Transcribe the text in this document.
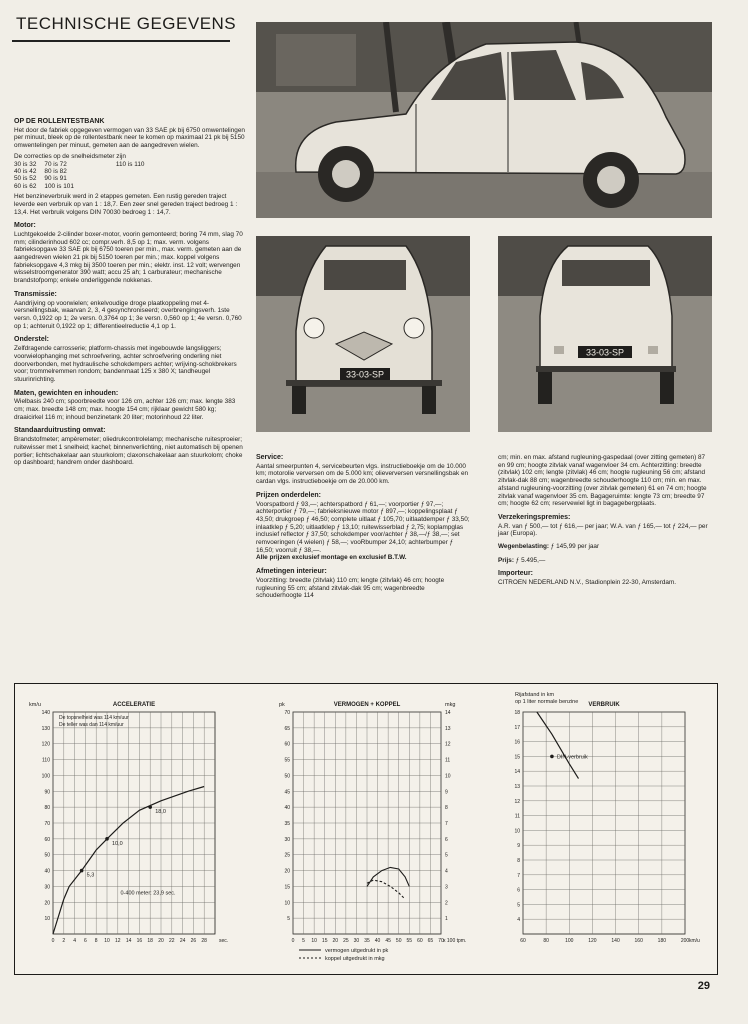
TECHNISCHE GEGEVENS
33-03-SP
33-03-SP
OP DE ROLLENTESTBANK

Het door de fabriek opgegeven vermogen van 33 SAE pk bij 6750 omwentelingen per minuut, bleek op de rollentestbank neer te komen op maximaal 21 pk bij 5150 omwentelingen per minuut, gemeten aan de aangedreven wielen.

De correcties op de snelheidsmeter zijn

30 is 32	70 is 72	110 is 110
40 is 42	80 is 82	
50 is 52	90 is 91	
60 is 62	100 is 101	

Het benzineverbruik werd in 2 etappes gemeten. Een rustig gereden traject leverde een verbruik op van 1 : 18,7. Een zeer snel gereden traject bedroeg 1 : 13,4. Het verbruik volgens DIN 70030 bedroeg 1 : 14,7.

Motor:

Luchtgekoelde 2-cilinder boxer-motor, voorin gemonteerd; boring 74 mm, slag 70 mm; cilinderinhoud 602 cc; compr.verh. 8,5 op 1; max. verm. volgens fabrieksopgave 33 SAE pk bij 6750 toeren per min., max. verm. gemeten aan de aangedreven wielen 21 pk bij 5150 toeren per min.; max. koppel volgens fabrieksopgave 4,3 mkg bij 3500 toeren per min.; elektr. inst. 12 volt; wervengen wisselstroomgenerator 390 watt; accu 25 ah; 1 carburateur; mechanische brandstofpomp; enkele onderliggende nokkenas.

Transmissie:

Aandrijving op voorwielen; enkelvoudige droge plaatkoppeling met 4-versnellingsbak, waarvan 2, 3, 4 gesynchroniseerd; overbrengingsverh. 1ste versn. 0,1922 op 1; 2e versn. 0,3764 op 1; 3e versn. 0,560 op 1; 4e versn. 0,760 op 1; achteruit 0,1922 op 1; differentieelreductie 4,1 op 1.

Onderstel:

Zelfdragende carrosserie; platform-chassis met ingebouwde langsliggers; voorwielophanging met schroefvering, achter schroefvering onderling niet doorverbonden, met hydraulische schokdempers achter; wrijving-schokbrekers voor; trommelremmen rondom; bandenmaat 125 x 380 X; tandheugel stuurinrichting.

Maten, gewichten en inhouden:

Wielbasis 240 cm; spoorbreedte voor 126 cm, achter 126 cm; max. lengte 383 cm; max. breedte 148 cm; max. hoogte 154 cm; rijklaar gewicht 580 kg; draaicirkel 116 m; inhoud benzinetank 20 liter; motorinhoud 22 liter.

Standaarduitrusting omvat:

Brandstofmeter; ampèremeter; oliedrukcontrolelamp; mechanische ruitesproeier; ruitewisser met 1 snelheid; kachel; binnenverlichting, niet automatisch bij openen portier; lichtschakelaar aan stuurkolom; claxonschakelaar aan stuurkolom; choke op dashboard; handrem onder dashboard.

Service:

Aantal smeerpunten 4, servicebeurten vlgs. instructieboekje om de 10.000 km; motorolie verversen om de 5.000 km; olieverversen versnellingsbak en cardan vlgs. instructieboekje om de 20.000 km.

Prijzen onderdelen:

Voorspatbord ƒ 93,—; achterspatbord ƒ 61,—; voorportier ƒ 97,—; achterportier ƒ 79,—; fabrieksnieuwe motor ƒ 897,—; koppelingsplaat ƒ 43,50; drukgroep ƒ 46,50; complete uitlaat ƒ 105,70; uitlaatdemper ƒ 33,50; inlaatklep ƒ 5,20; uitlaatklep ƒ 13,10; ruitewisserblad ƒ 2,75; koplampglas inclusief reflector ƒ 37,50; schokdemper voor/achter ƒ 38,—/ƒ 38,—; set remvoeringen (4 wielen) ƒ 58,—; vooRbumper 24,10; achterbumper ƒ 16,50; voorruit ƒ 38,—.

Alle prijzen exclusief montage en exclusief B.T.W.

Afmetingen interieur:

Voorzitting: breedte (zitvlak) 110 cm; lengte (zitvlak) 46 cm; hoogte rugleuning 55 cm; afstand zitvlak-dak 95 cm; wagenbreedte schouderhoogte 114

cm; min. en max. afstand rugleuning-gaspedaal (over zitting gemeten) 87 en 99 cm; hoogte zitvlak vanaf wagenvloer 34 cm. Achterzitting: breedte (zitvlak) 102 cm; lengte (zitvlak) 46 cm; hoogte rugleuning 56 cm; afstand zitvlak-dak 88 cm; wagenbreedte schouderhoogte 110 cm; min. en max. afstand rugleuning-voorzitting (over zitvlak gemeten) 61 en 74 cm; hoogte zitvlak vanaf wagenvloer 35 cm. Bagageruimte: lengte 73 cm; breedte 97 cm; hoogte 62 cm; reservewiel ligt in bagagebergplaats.

Verzekeringspremies:

A.R. van ƒ 500,— tot ƒ 616,— per jaar; W.A. van ƒ 165,— tot ƒ 224,— per jaar (Europa).

Wegenbelasting: ƒ 145,99 per jaar

Prijs: ƒ 5.495,—

Importeur:

CITROEN NEDERLAND N.V., Stadionplein 22-30, Amsterdam.

0 2 4 6 8 10 12 14 16 18 20 22 24 26 28
10
20
30
40
50
60
70
80
90
100
110
120
130
140
ACCELERATIE
km/u
sec.
De topsnelheid was 114 km/uur
De teller was dan 114 km/uur
0-400 meter: 23,9 sec.
5,3
10,0
18,0
0 5 10 15 20 25 30 35 40 45 50 55 60 65 70
5
10
15
20
25
30
35
40
45
50
55
60
65
70
VERMOGEN + KOPPEL
pk	mkg
1
2
3
4
5
6
7
8
9
10
11
12
13
14
x 100 tpm.
vermogen uitgedrukt in pk
koppel uitgedrukt in mkg
60	80	100	120	140	160	180	200
4
5
6
7
8
9
10
11
12
13
14
15
16
17
18
VERBRUIK
Rijafstand in km
op 1 liter normale benzine
km/u
DIN-verbruik
29
